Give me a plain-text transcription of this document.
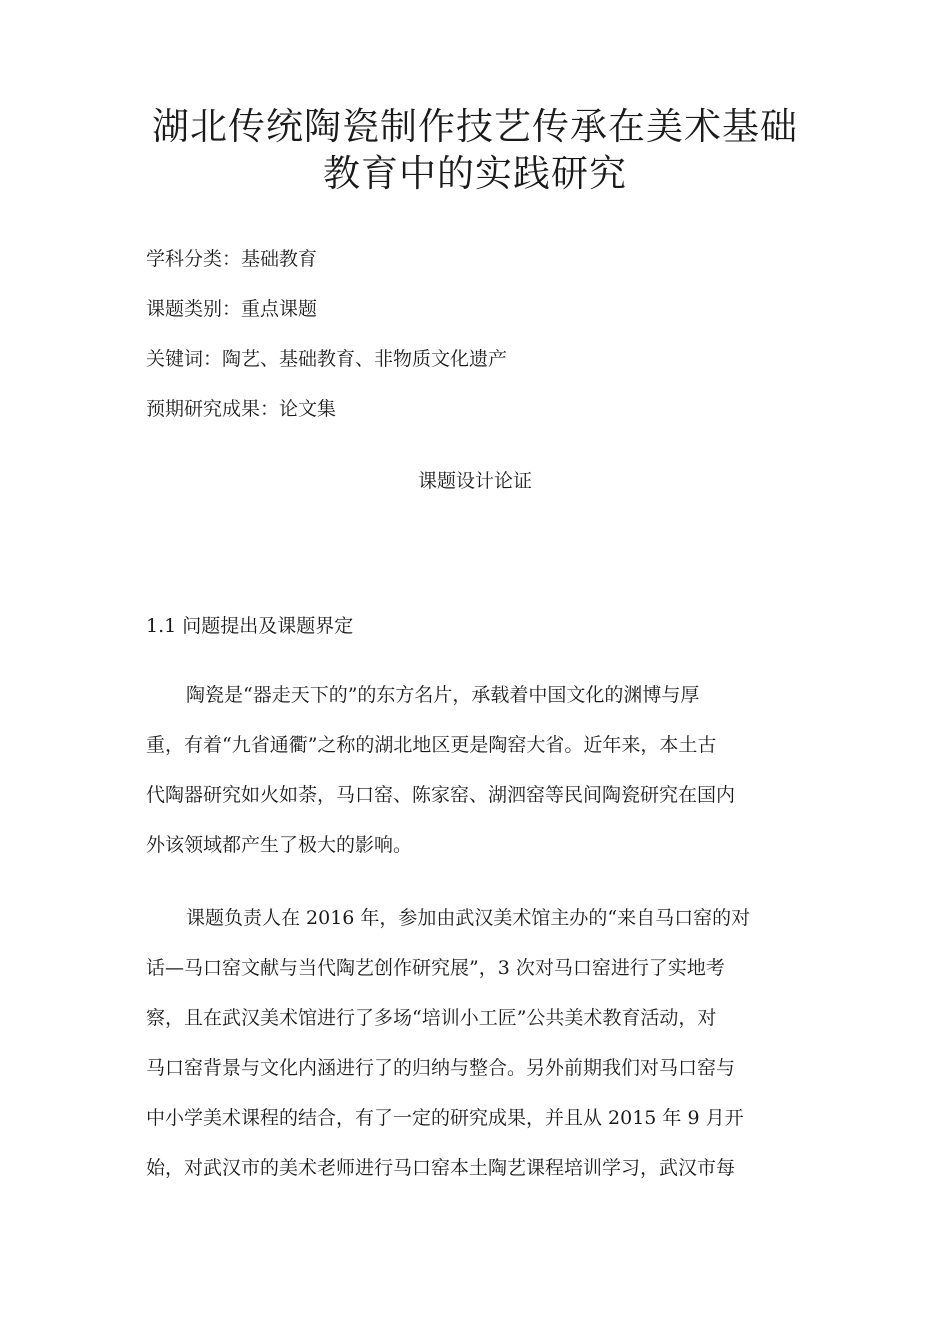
湖北传统陶瓷制作技艺传承在美术基础
教育中的实践研究

学科分类：基础教育

课题类别：重点课题

关键词：陶艺、基础教育、非物质文化遗产

预期研究成果：论文集

课题设计论证
1.1 问题提出及课题界定

陶瓷是“器走天下的”的东方名片，承载着中国文化的渊博与厚

重，有着“九省通衢”之称的湖北地区更是陶窑大省。近年来，本土古

代陶器研究如火如荼，马口窑、陈家窑、湖泗窑等民间陶瓷研究在国内

外该领域都产生了极大的影响。

课题负责人在 2016 年，参加由武汉美术馆主办的“来自马口窑的对

话—马口窑文献与当代陶艺创作研究展”，3 次对马口窑进行了实地考

察，且在武汉美术馆进行了多场“培训小工匠”公共美术教育活动，对

马口窑背景与文化内涵进行了的归纳与整合。另外前期我们对马口窑与

中小学美术课程的结合，有了一定的研究成果，并且从 2015 年 9 月开

始，对武汉市的美术老师进行马口窑本土陶艺课程培训学习，武汉市每
